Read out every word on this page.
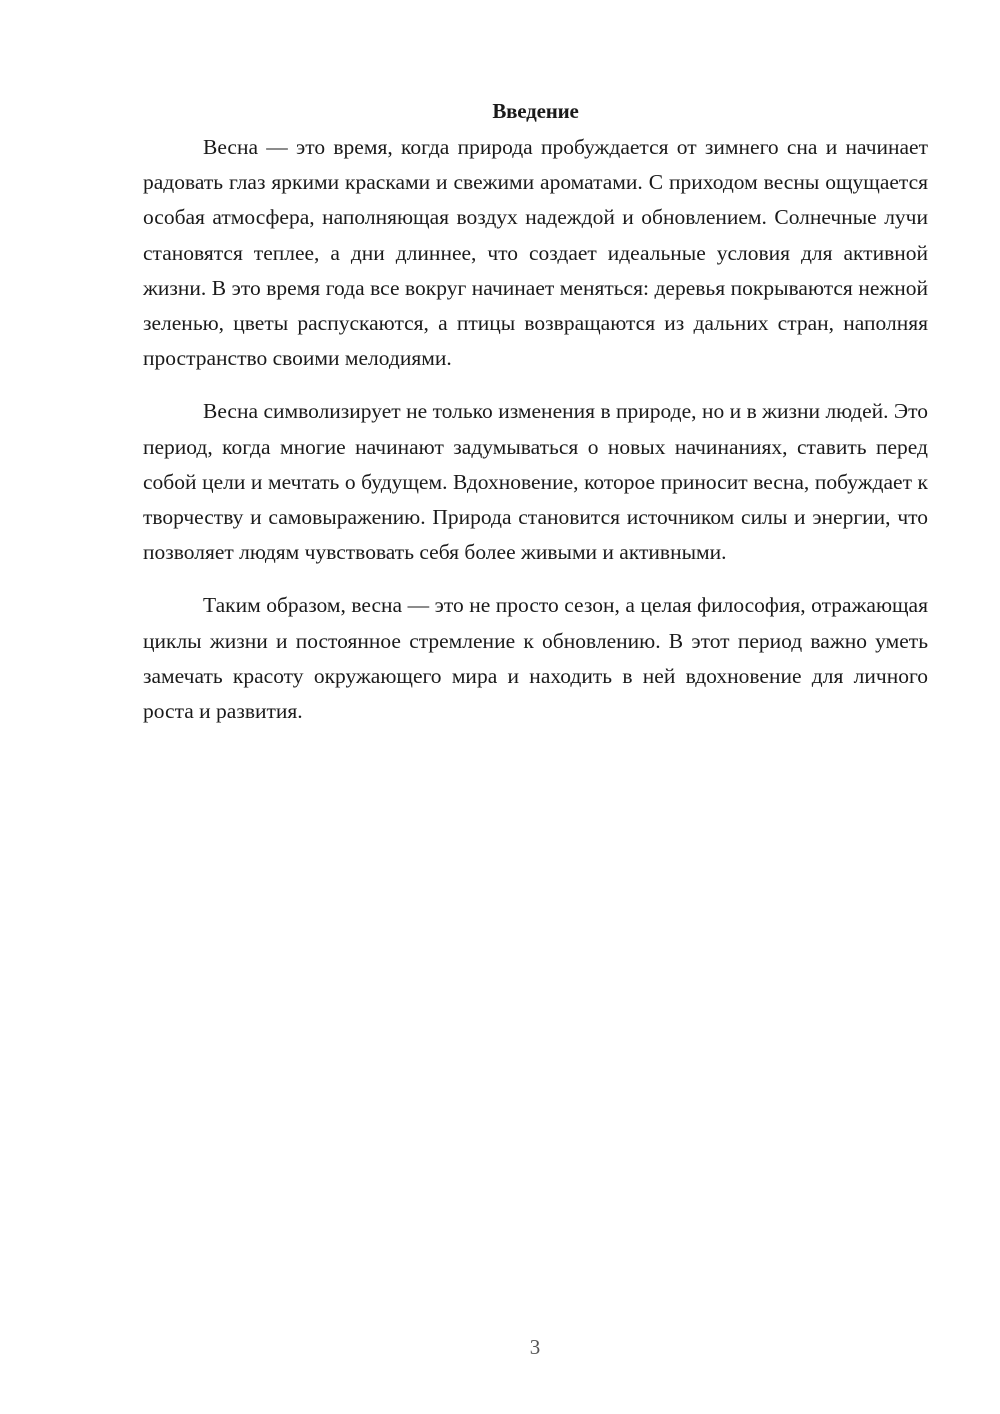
Введение

Весна — это время, когда природа пробуждается от зимнего сна и начинает радовать глаз яркими красками и свежими ароматами. С приходом весны ощущается особая атмосфера, наполняющая воздух надеждой и обновлением. Солнечные лучи становятся теплее, а дни длиннее, что создает идеальные условия для активной жизни. В это время года все вокруг начинает меняться: деревья покрываются нежной зеленью, цветы распускаются, а птицы возвращаются из дальних стран, наполняя пространство своими мелодиями.

Весна символизирует не только изменения в природе, но и в жизни людей. Это период, когда многие начинают задумываться о новых начинаниях, ставить перед собой цели и мечтать о будущем. Вдохновение, которое приносит весна, побуждает к творчеству и самовыражению. Природа становится источником силы и энергии, что позволяет людям чувствовать себя более живыми и активными.

Таким образом, весна — это не просто сезон, а целая философия, отражающая циклы жизни и постоянное стремление к обновлению. В этот период важно уметь замечать красоту окружающего мира и находить в ней вдохновение для личного роста и развития.

3
